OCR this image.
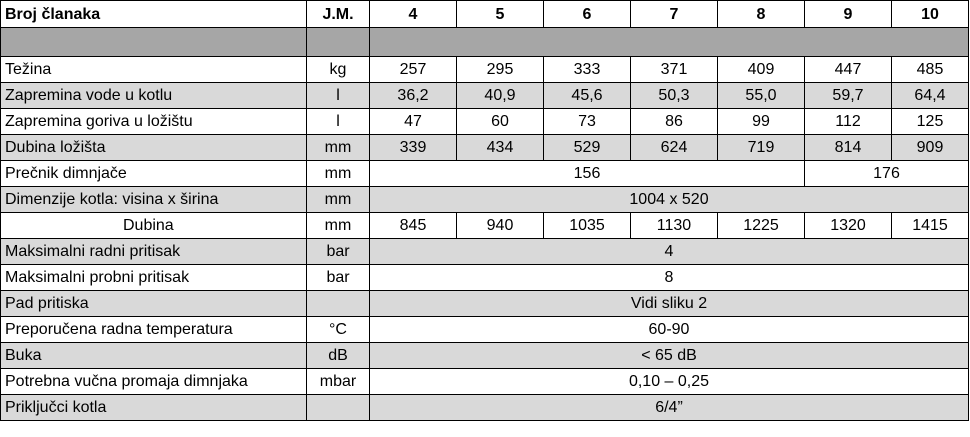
Broj članaka	J.M.	4	5	6	7	8	9	10

Težina	kg	257	295	333	371	409	447	485
Zapremina vode u kotlu	l	36,2	40,9	45,6	50,3	55,0	59,7	64,4
Zapremina goriva u ložištu	l	47	60	73	86	99	112	125
Dubina ložišta	mm	339	434	529	624	719	814	909
Prečnik dimnjače	mm	156					176	
Dimenzije kotla: visina x širina	mm	1004 x 520						
Dubina	mm	845	940	1035	1130	1225	1320	1415
Maksimalni radni pritisak	bar	4						
Maksimalni probni pritisak	bar	8						
Pad pritiska		Vidi sliku 2						
Preporučena radna temperatura	°C	60-90						
Buka	dB	< 65 dB						
Potrebna vučna promaja dimnjaka	mbar	0,10 – 0,25						
Priključci kotla		6/4”						
